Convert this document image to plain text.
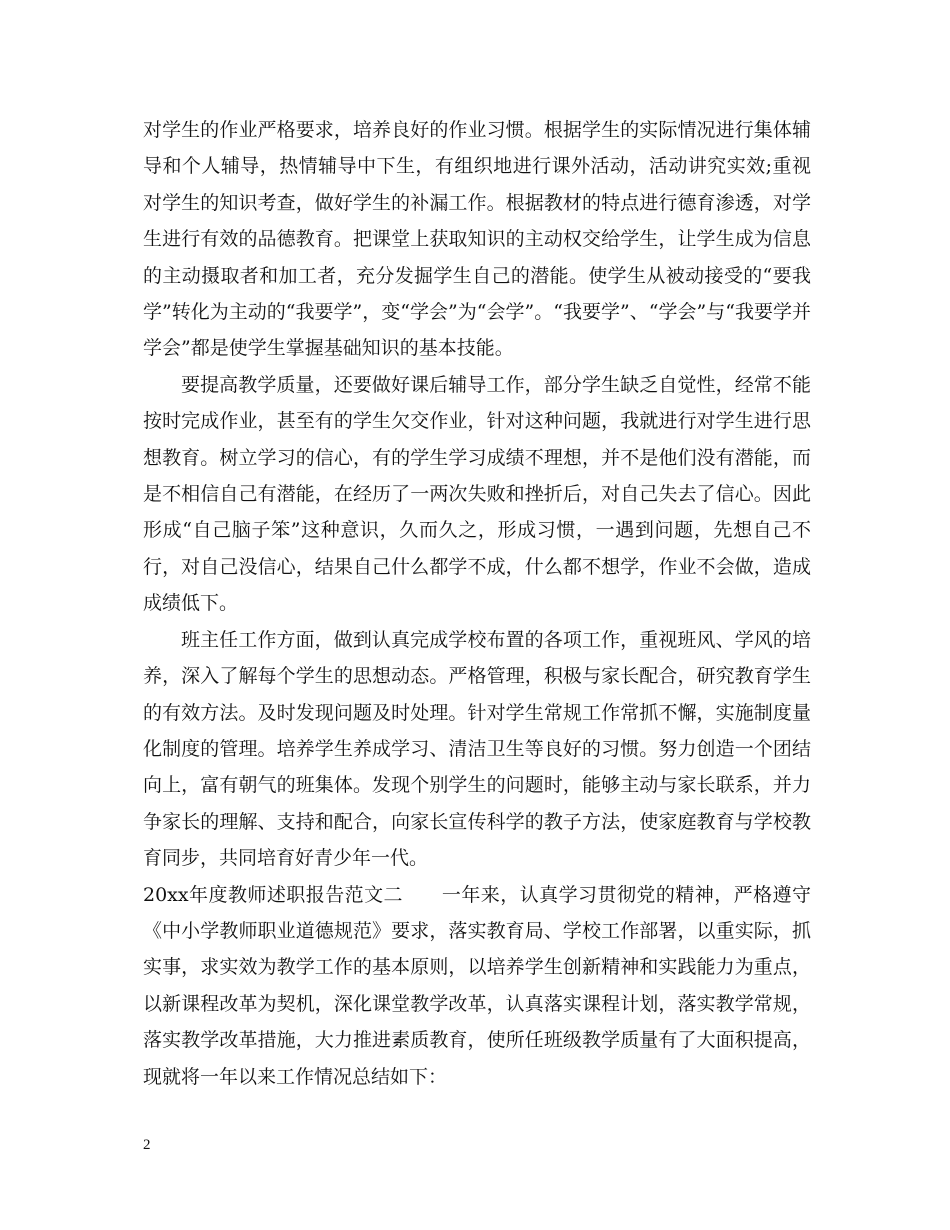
对学生的作业严格要求，培养良好的作业习惯。根据学生的实际情况进行集体辅导和个人辅导，热情辅导中下生，有组织地进行课外活动，活动讲究实效;重视对学生的知识考查，做好学生的补漏工作。根据教材的特点进行德育渗透，对学生进行有效的品德教育。把课堂上获取知识的主动权交给学生，让学生成为信息的主动摄取者和加工者，充分发掘学生自己的潜能。使学生从被动接受的“要我学”转化为主动的“我要学”，变“学会”为“会学”。“我要学”、“学会”与“我要学并学会”都是使学生掌握基础知识的基本技能。

要提高教学质量，还要做好课后辅导工作，部分学生缺乏自觉性，经常不能按时完成作业，甚至有的学生欠交作业，针对这种问题，我就进行对学生进行思想教育。树立学习的信心，有的学生学习成绩不理想，并不是他们没有潜能，而是不相信自己有潜能，在经历了一两次失败和挫折后，对自己失去了信心。因此形成“自己脑子笨”这种意识，久而久之，形成习惯，一遇到问题，先想自己不行，对自己没信心，结果自己什么都学不成，什么都不想学，作业不会做，造成成绩低下。

班主任工作方面，做到认真完成学校布置的各项工作，重视班风、学风的培养，深入了解每个学生的思想动态。严格管理，积极与家长配合，研究教育学生的有效方法。及时发现问题及时处理。针对学生常规工作常抓不懈，实施制度量化制度的管理。培养学生养成学习、清洁卫生等良好的习惯。努力创造一个团结向上，富有朝气的班集体。发现个别学生的问题时，能够主动与家长联系，并力争家长的理解、支持和配合，向家长宣传科学的教子方法，使家庭教育与学校教育同步，共同培育好青少年一代。

20xx年度教师述职报告范文二　　一年来，认真学习贯彻党的精神，严格遵守《中小学教师职业道德规范》要求，落实教育局、学校工作部署，以重实际，抓实事，求实效为教学工作的基本原则，以培养学生创新精神和实践能力为重点，以新课程改革为契机，深化课堂教学改革，认真落实课程计划，落实教学常规，落实教学改革措施，大力推进素质教育，使所任班级教学质量有了大面积提高，现就将一年以来工作情况总结如下：

2
